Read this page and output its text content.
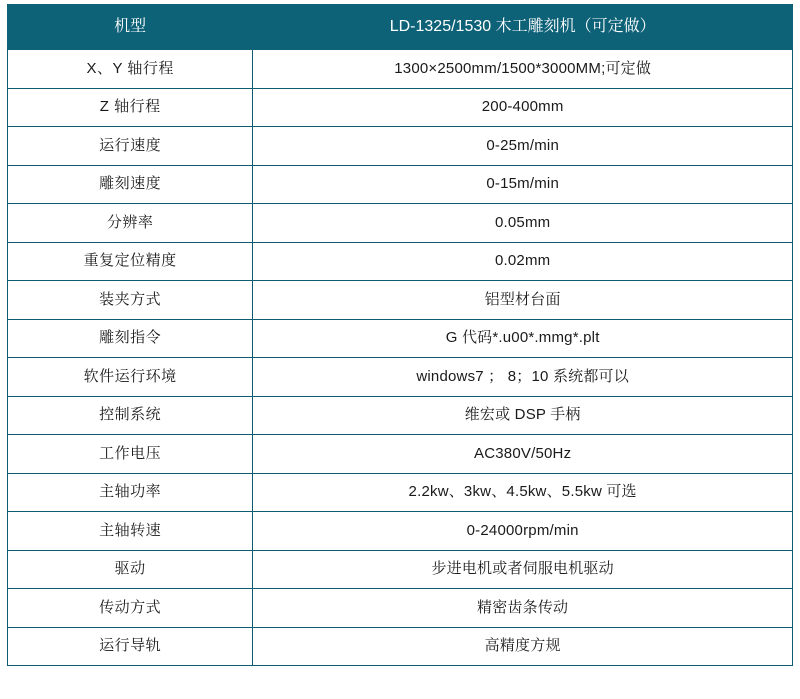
机型	LD-1325/1530 木工雕刻机（可定做）
X、Y 轴行程	1300×2500mm/1500*3000MM;可定做
Z 轴行程	200-400mm
运行速度	0-25m/min
雕刻速度	0-15m/min
分辨率	0.05mm
重复定位精度	0.02mm
装夹方式	铝型材台面
雕刻指令	G 代码*.u00*.mmg*.plt
软件运行环境	windows7 ； 8；10 系统都可以
控制系统	维宏或 DSP 手柄
工作电压	AC380V/50Hz
主轴功率	2.2kw、3kw、4.5kw、5.5kw 可选
主轴转速	0-24000rpm/min
驱动	步进电机或者伺服电机驱动
传动方式	精密齿条传动
运行导轨	高精度方规
